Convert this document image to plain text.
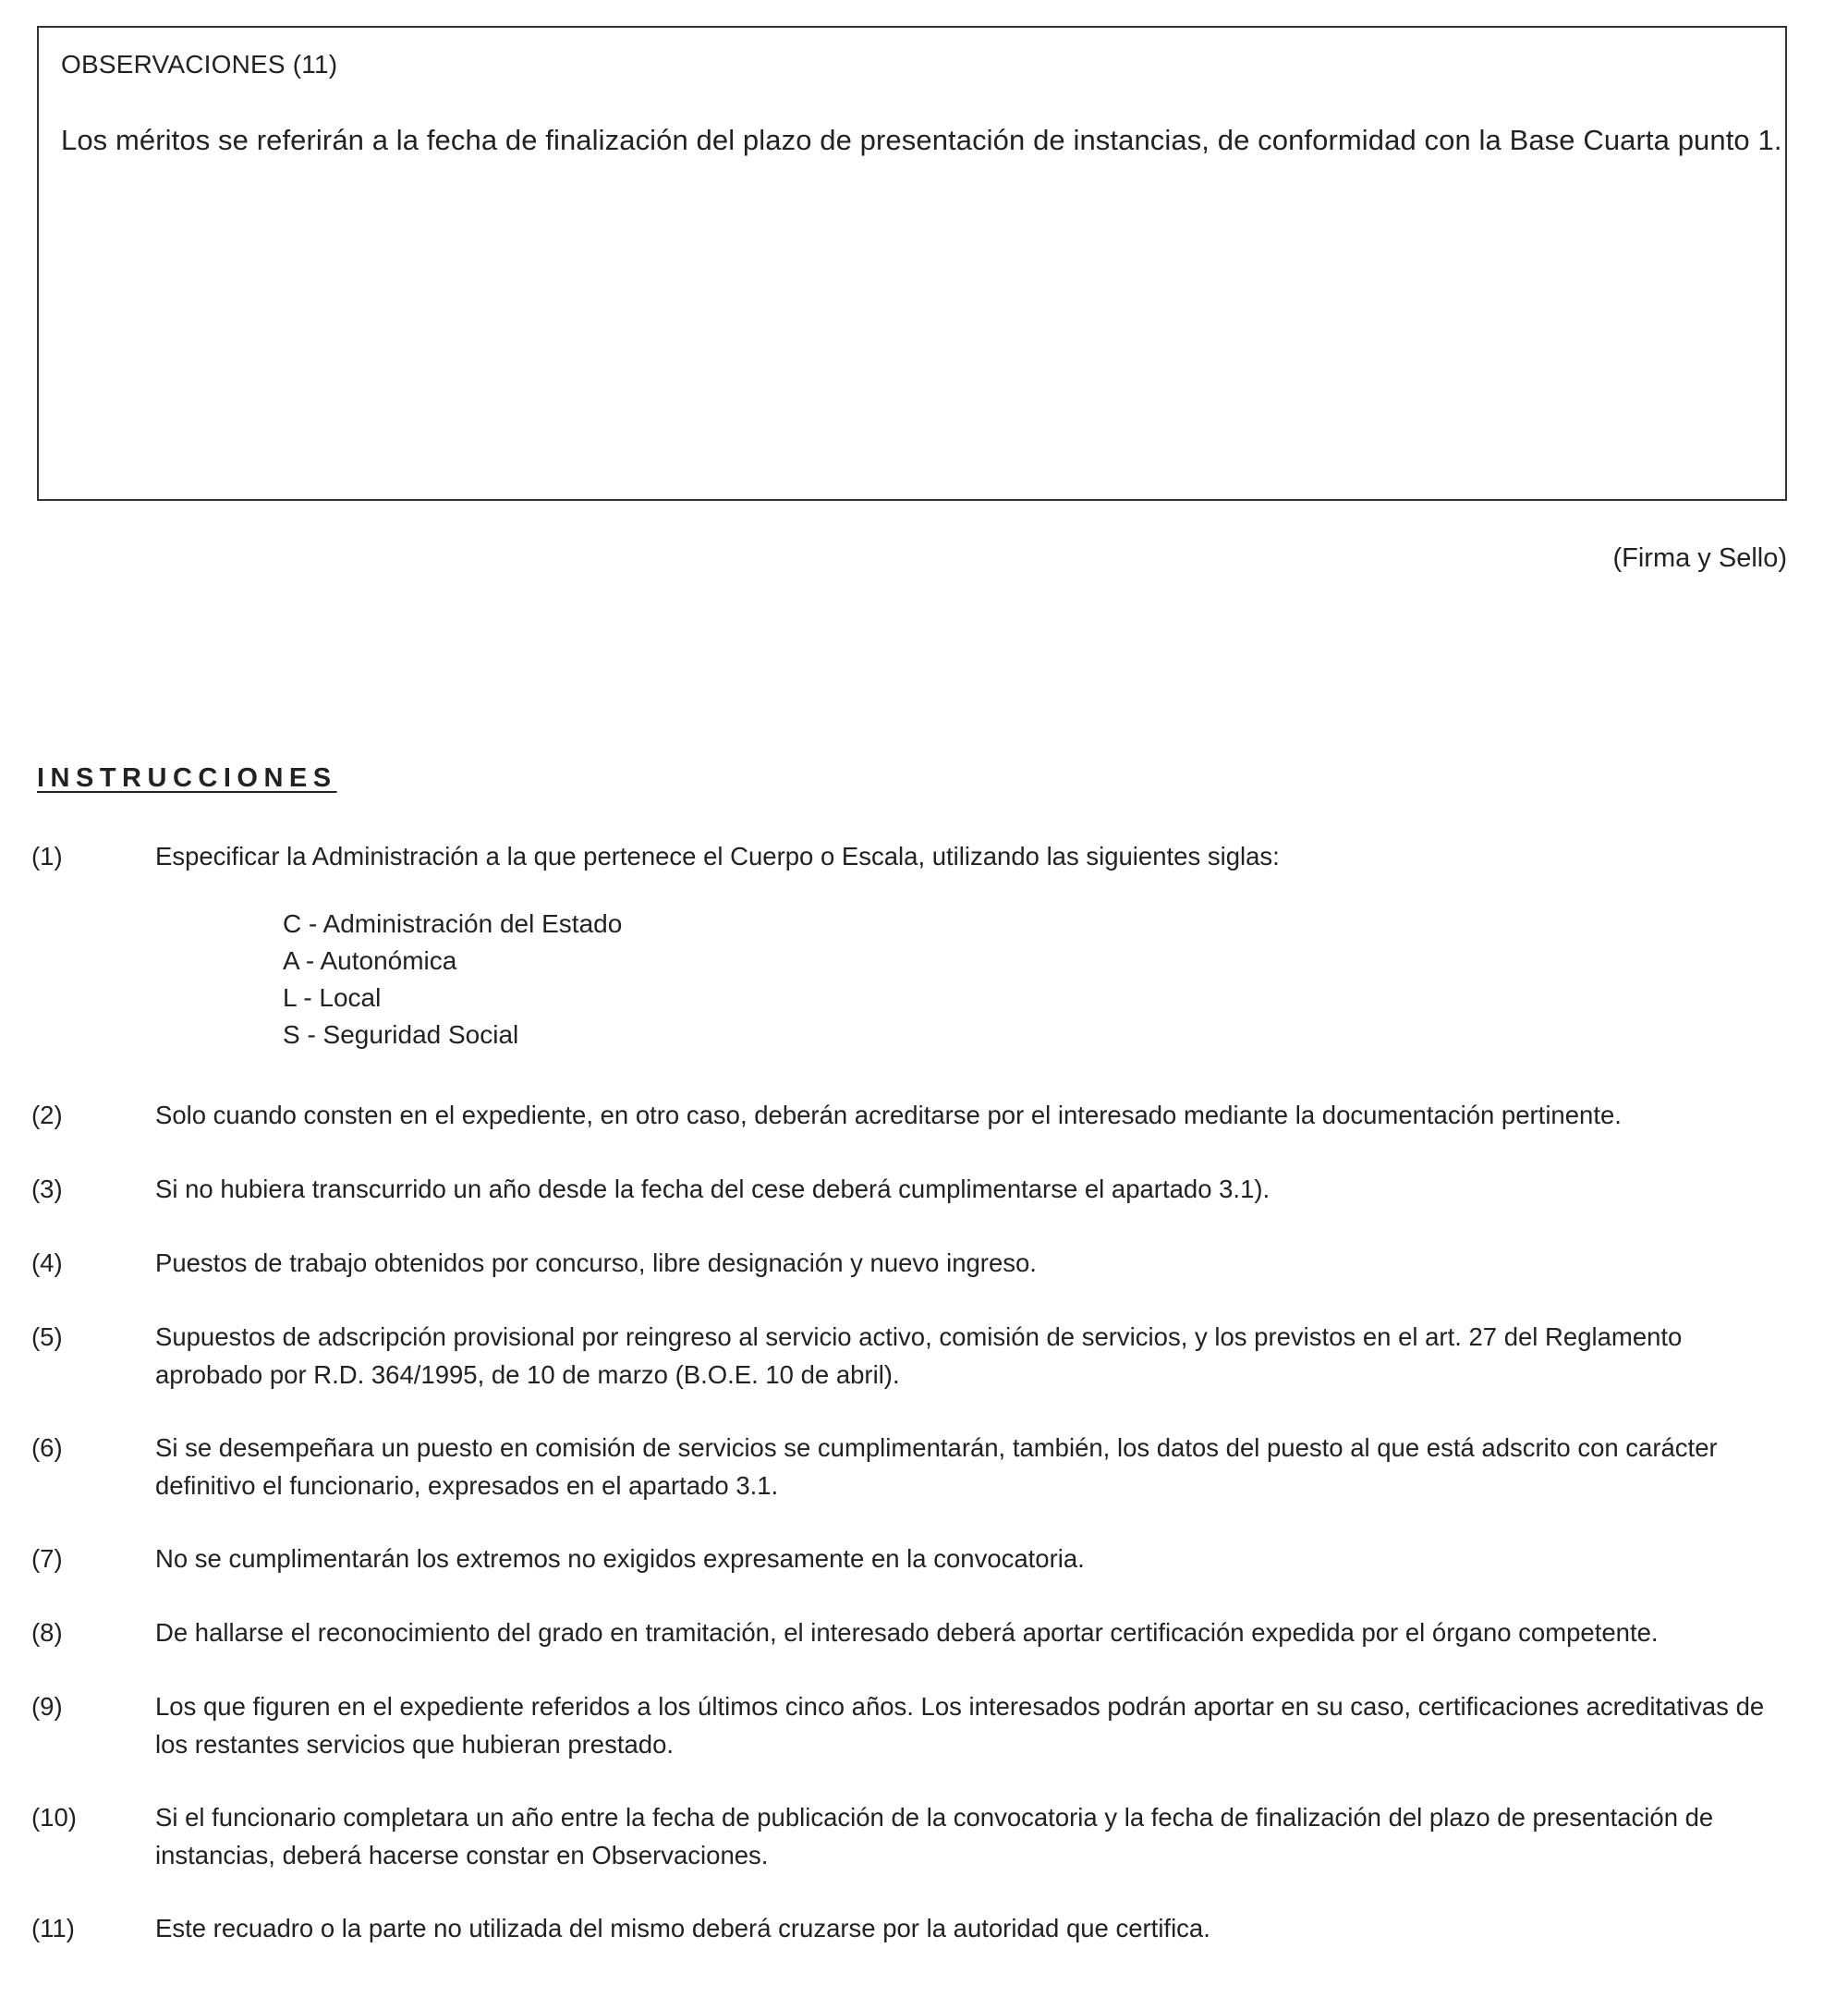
OBSERVACIONES (11)
Los méritos se referirán a la fecha de finalización del plazo de presentación de instancias, de conformidad con la Base Cuarta punto 1.
(Firma y Sello)
INSTRUCCIONES
(1)	Especificar la Administración a la que pertenece el Cuerpo o Escala, utilizando las siguientes siglas:
C - Administración del Estado
A - Autonómica
L - Local
S - Seguridad Social
(2)	Solo cuando consten en el expediente, en otro caso, deberán acreditarse por el interesado mediante la documentación pertinente.
(3)	Si no hubiera transcurrido un año desde la fecha del cese deberá cumplimentarse el apartado 3.1).
(4)	Puestos de trabajo obtenidos por concurso, libre designación y nuevo ingreso.
(5)	Supuestos de adscripción provisional por reingreso al servicio activo, comisión de servicios, y los previstos en el art. 27 del Reglamento aprobado por R.D. 364/1995, de 10 de marzo (B.O.E. 10 de abril).
(6)	Si se desempeñara un puesto en comisión de servicios se cumplimentarán, también, los datos del puesto al que está adscrito con carácter definitivo el funcionario, expresados en el apartado 3.1.
(7)	No se cumplimentarán los extremos no exigidos expresamente en la convocatoria.
(8)	De hallarse el reconocimiento del grado en tramitación, el interesado deberá aportar certificación expedida por el órgano competente.
(9)	Los que figuren en el expediente referidos a los últimos cinco años. Los interesados podrán aportar en su caso, certificaciones acreditativas de los restantes servicios que hubieran prestado.
(10)	Si el funcionario completara un año entre la fecha de publicación de la convocatoria y la fecha de finalización del plazo de presentación de instancias, deberá hacerse constar en Observaciones.
(11)	Este recuadro o la parte no utilizada del mismo deberá cruzarse por la autoridad que certifica.
